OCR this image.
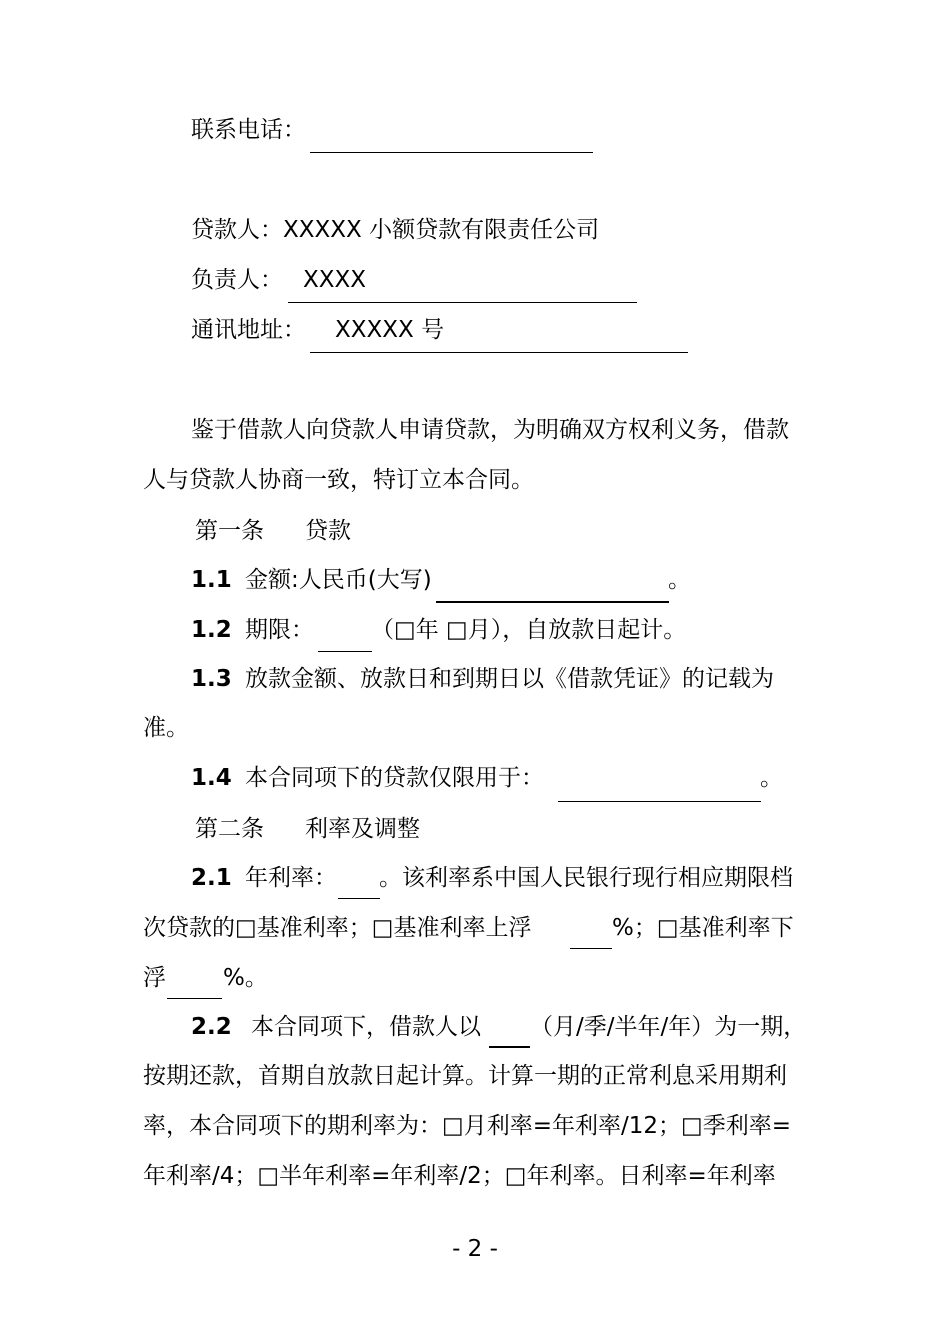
联系电话：
贷款人：XXXXX 小额贷款有限责任公司
负责人： XXXX
通讯地址： XXXXX 号
鉴于借款人向贷款人申请贷款，为明确双方权利义务，借款
人与贷款人协商一致，特订立本合同。
第一条 贷款
1.1 金额:人民币(大写)	。
1.2 期限： （□年 □月），自放款日起计。
1.3 放款金额、放款日和到期日以《借款凭证》的记载为
准。
1.4 本合同项下的贷款仅限用于：	。
第二条 利率及调整
2.1 年利率： 。该利率系中国人民银行现行相应期限档
次贷款的□基准利率；□基准利率上浮	%；□基准利率下
浮 %。
2.2 本合同项下，借款人以 （月/季/半年/年）为一期，
按期还款，首期自放款日起计算。计算一期的正常利息采用期利
率，本合同项下的期利率为：□月利率=年利率/12；□季利率=
年利率/4；□半年利率=年利率/2；□年利率。日利率=年利率
- 2 -
